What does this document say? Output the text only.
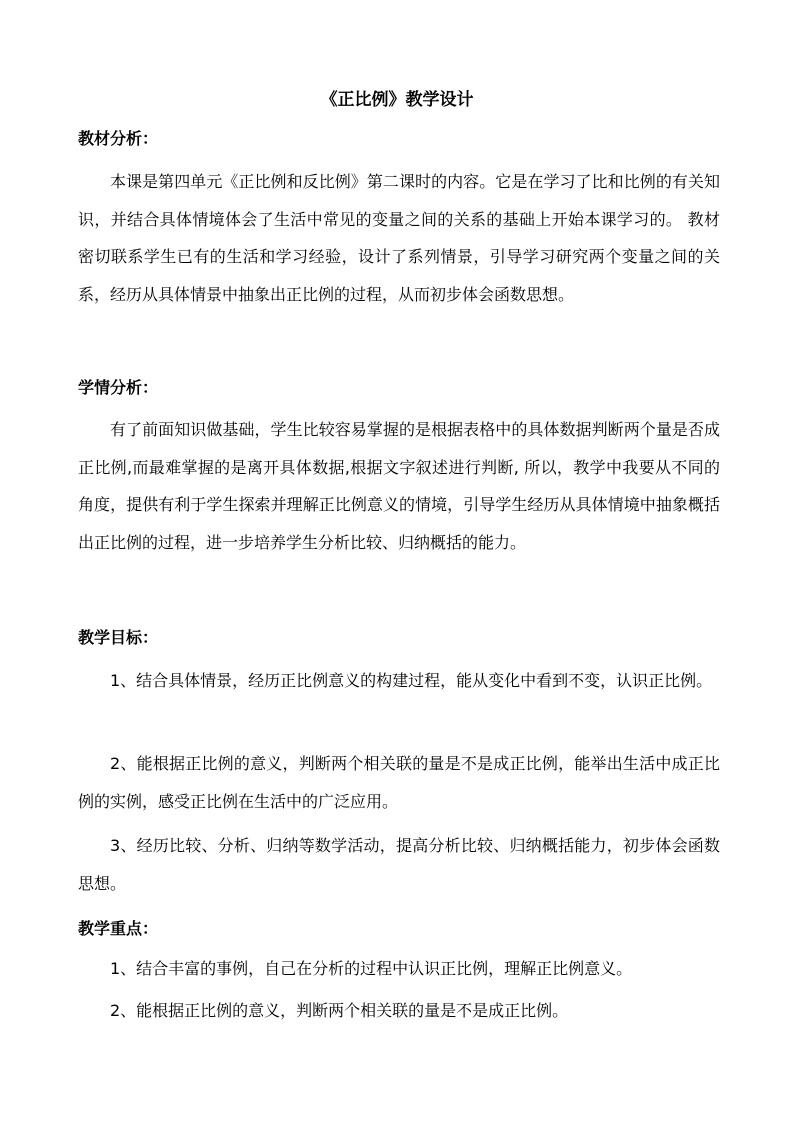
《正比例》教学设计
教材分析：

本课是第四单元《正比例和反比例》第二课时的内容。它是在学习了比和比例的有关知识，并结合具体情境体会了生活中常见的变量之间的关系的基础上开始本课学习的。 教材密切联系学生已有的生活和学习经验，设计了系列情景，引导学习研究两个变量之间的关系，经历从具体情景中抽象出正比例的过程，从而初步体会函数思想。

学情分析：

有了前面知识做基础，学生比较容易掌握的是根据表格中的具体数据判断两个量是否成正比例,而最难掌握的是离开具体数据,根据文字叙述进行判断, 所以，教学中我要从不同的角度，提供有利于学生探索并理解正比例意义的情境，引导学生经历从具体情境中抽象概括出正比例的过程，进一步培养学生分析比较、归纳概括的能力。

教学目标：

1、结合具体情景，经历正比例意义的构建过程，能从变化中看到不变，认识正比例。

2、能根据正比例的意义，判断两个相关联的量是不是成正比例，能举出生活中成正比例的实例，感受正比例在生活中的广泛应用。

3、经历比较、分析、归纳等数学活动，提高分析比较、归纳概括能力，初步体会函数思想。

教学重点：

1、结合丰富的事例，自己在分析的过程中认识正比例，理解正比例意义。

2、能根据正比例的意义，判断两个相关联的量是不是成正比例。
